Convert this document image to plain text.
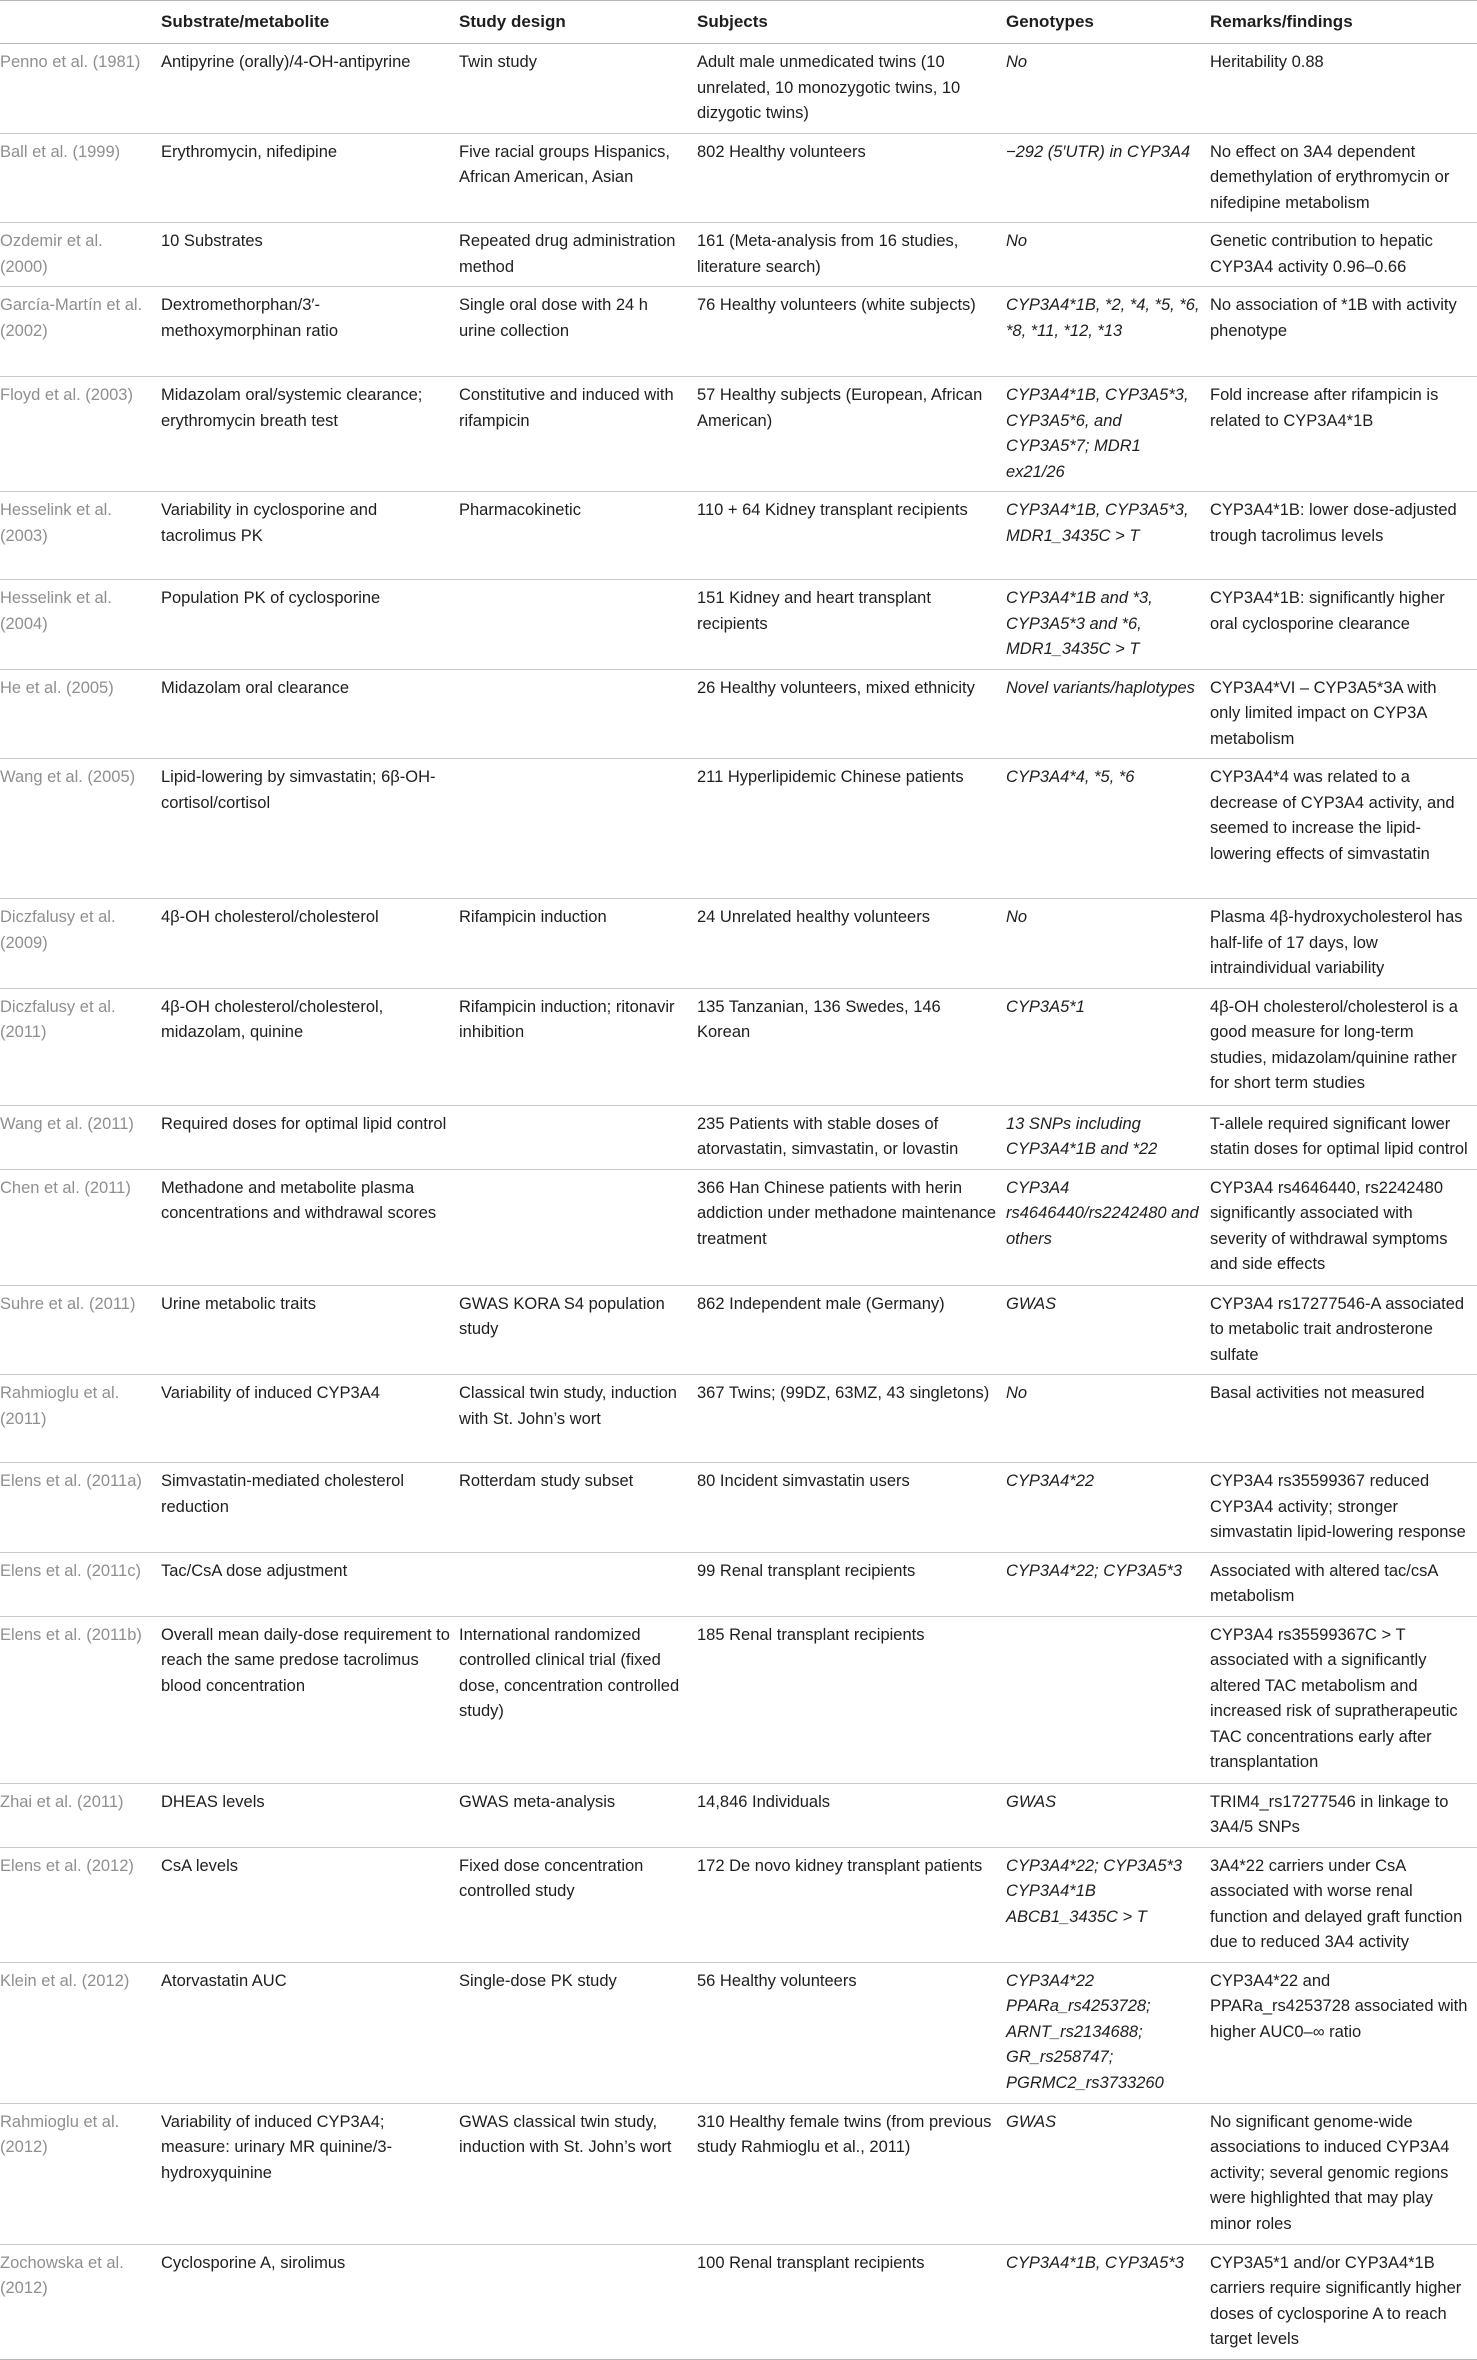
	Substrate/metabolite	Study design	Subjects	Genotypes	Remarks/findings
Penno et al. (1981)	Antipyrine (orally)/4-OH-antipyrine	Twin study	Adult male unmedicated twins (10 unrelated, 10 monozygotic twins, 10 dizygotic twins)	No	Heritability 0.88
Ball et al. (1999)	Erythromycin, nifedipine	Five racial groups Hispanics, African American, Asian	802 Healthy volunteers	−292 (5′UTR) in CYP3A4	No effect on 3A4 dependent demethylation of erythromycin or nifedipine metabolism
Ozdemir et al. (2000)	10 Substrates	Repeated drug administration method	161 (Meta-analysis from 16 studies, literature search)	No	Genetic contribution to hepatic CYP3A4 activity 0.96–0.66
García-Martín et al. (2002)	Dextromethorphan/3′-methoxymorphinan ratio	Single oral dose with 24 h urine collection	76 Healthy volunteers (white subjects)	CYP3A4*1B, *2, *4, *5, *6, *8, *11, *12, *13	No association of *1B with activity phenotype
Floyd et al. (2003)	Midazolam oral/systemic clearance; erythromycin breath test	Constitutive and induced with rifampicin	57 Healthy subjects (European, African American)	CYP3A4*1B, CYP3A5*3, CYP3A5*6, and CYP3A5*7; MDR1 ex21/26	Fold increase after rifampicin is related to CYP3A4*1B
Hesselink et al. (2003)	Variability in cyclosporine and tacrolimus PK	Pharmacokinetic	110 + 64 Kidney transplant recipients	CYP3A4*1B, CYP3A5*3, MDR1_3435C > T	CYP3A4*1B: lower dose-adjusted trough tacrolimus levels
Hesselink et al. (2004)	Population PK of cyclosporine		151 Kidney and heart transplant recipients	CYP3A4*1B and *3, CYP3A5*3 and *6, MDR1_3435C > T	CYP3A4*1B: significantly higher oral cyclosporine clearance
He et al. (2005)	Midazolam oral clearance		26 Healthy volunteers, mixed ethnicity	Novel variants/haplotypes	CYP3A4*VI – CYP3A5*3A with only limited impact on CYP3A metabolism
Wang et al. (2005)	Lipid-lowering by simvastatin; 6β-OH-cortisol/cortisol		211 Hyperlipidemic Chinese patients	CYP3A4*4, *5, *6	CYP3A4*4 was related to a decrease of CYP3A4 activity, and seemed to increase the lipid-lowering effects of simvastatin
Diczfalusy et al. (2009)	4β-OH cholesterol/cholesterol	Rifampicin induction	24 Unrelated healthy volunteers	No	Plasma 4β-hydroxycholesterol has half-life of 17 days, low intraindividual variability
Diczfalusy et al. (2011)	4β-OH cholesterol/cholesterol, midazolam, quinine	Rifampicin induction; ritonavir inhibition	135 Tanzanian, 136 Swedes, 146 Korean	CYP3A5*1	4β-OH cholesterol/cholesterol is a good measure for long-term studies, midazolam/quinine rather for short term studies
Wang et al. (2011)	Required doses for optimal lipid control		235 Patients with stable doses of atorvastatin, simvastatin, or lovastin	13 SNPs including CYP3A4*1B and *22	T-allele required significant lower statin doses for optimal lipid control
Chen et al. (2011)	Methadone and metabolite plasma concentrations and withdrawal scores		366 Han Chinese patients with herin addiction under methadone maintenance treatment	CYP3A4 rs4646440/rs2242480 and others	CYP3A4 rs4646440, rs2242480 significantly associated with severity of withdrawal symptoms and side effects
Suhre et al. (2011)	Urine metabolic traits	GWAS KORA S4 population study	862 Independent male (Germany)	GWAS	CYP3A4 rs17277546-A associated to metabolic trait androsterone sulfate
Rahmioglu et al. (2011)	Variability of induced CYP3A4	Classical twin study, induction with St. John’s wort	367 Twins; (99DZ, 63MZ, 43 singletons)	No	Basal activities not measured
Elens et al. (2011a)	Simvastatin-mediated cholesterol reduction	Rotterdam study subset	80 Incident simvastatin users	CYP3A4*22	CYP3A4 rs35599367 reduced CYP3A4 activity; stronger simvastatin lipid-lowering response
Elens et al. (2011c)	Tac/CsA dose adjustment		99 Renal transplant recipients	CYP3A4*22; CYP3A5*3	Associated with altered tac/csA metabolism
Elens et al. (2011b)	Overall mean daily-dose requirement to reach the same predose tacrolimus blood concentration	International randomized controlled clinical trial (fixed dose, concentration controlled study)	185 Renal transplant recipients		CYP3A4 rs35599367C > T associated with a significantly altered TAC metabolism and increased risk of supratherapeutic TAC concentrations early after transplantation
Zhai et al. (2011)	DHEAS levels	GWAS meta-analysis	14,846 Individuals	GWAS	TRIM4_rs17277546 in linkage to 3A4/5 SNPs
Elens et al. (2012)	CsA levels	Fixed dose concentration controlled study	172 De novo kidney transplant patients	CYP3A4*22; CYP3A5*3 CYP3A4*1B ABCB1_3435C > T	3A4*22 carriers under CsA associated with worse renal function and delayed graft function due to reduced 3A4 activity
Klein et al. (2012)	Atorvastatin AUC	Single-dose PK study	56 Healthy volunteers	CYP3A4*22 PPARa_rs4253728; ARNT_rs2134688; GR_rs258747; PGRMC2_rs3733260	CYP3A4*22 and PPARa_rs4253728 associated with higher AUC0–∞ ratio
Rahmioglu et al. (2012)	Variability of induced CYP3A4; measure: urinary MR quinine/3-hydroxyquinine	GWAS classical twin study, induction with St. John’s wort	310 Healthy female twins (from previous study Rahmioglu et al., 2011)	GWAS	No significant genome-wide associations to induced CYP3A4 activity; several genomic regions were highlighted that may play minor roles
Zochowska et al. (2012)	Cyclosporine A, sirolimus		100 Renal transplant recipients	CYP3A4*1B, CYP3A5*3	CYP3A5*1 and/or CYP3A4*1B carriers require significantly higher doses of cyclosporine A to reach target levels
